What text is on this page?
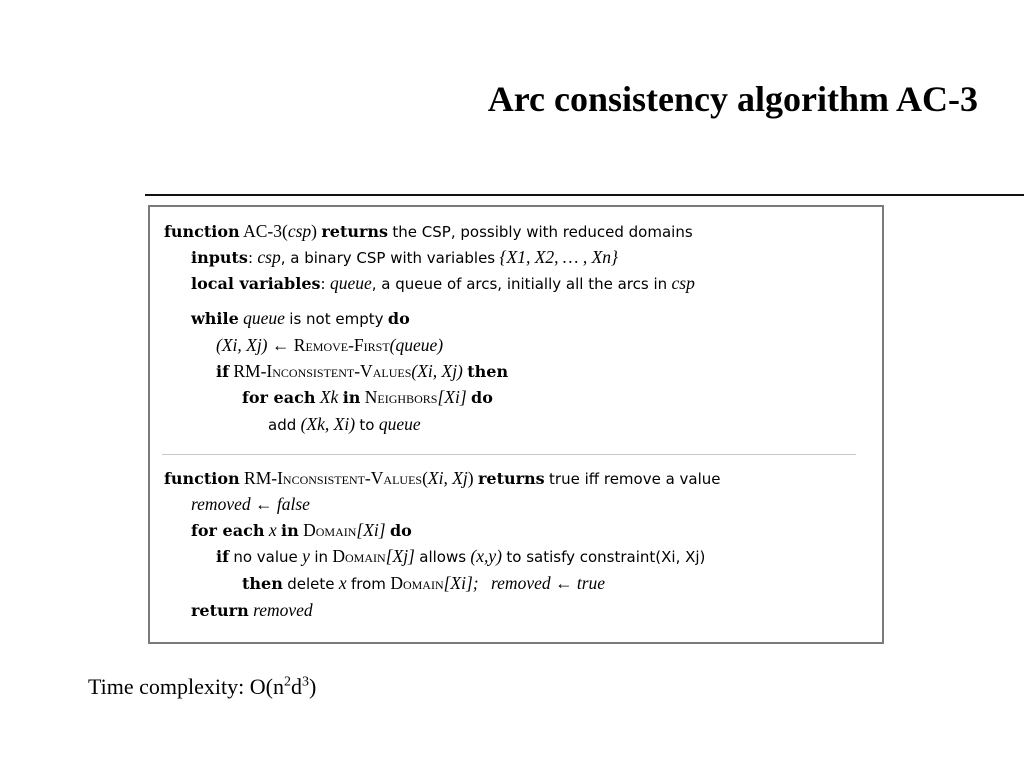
Arc consistency algorithm AC-3
function AC-3(csp) returns the CSP, possibly with reduced domains
inputs: csp, a binary CSP with variables {X1, X2, … , Xn}
local variables: queue, a queue of arcs, initially all the arcs in csp
while queue is not empty do
(Xi, Xj) ← Remove-First(queue)
if RM-Inconsistent-Values(Xi, Xj) then
for each Xk in Neighbors[Xi] do
add (Xk, Xi) to queue
function RM-Inconsistent-Values(Xi, Xj) returns true iff remove a value
removed ← false
for each x in Domain[Xi] do
if no value y in Domain[Xj] allows (x,y) to satisfy constraint(Xi, Xj)
then delete x from Domain[Xi]; removed ← true
return removed
Time complexity: $O(n^2d^3)$
